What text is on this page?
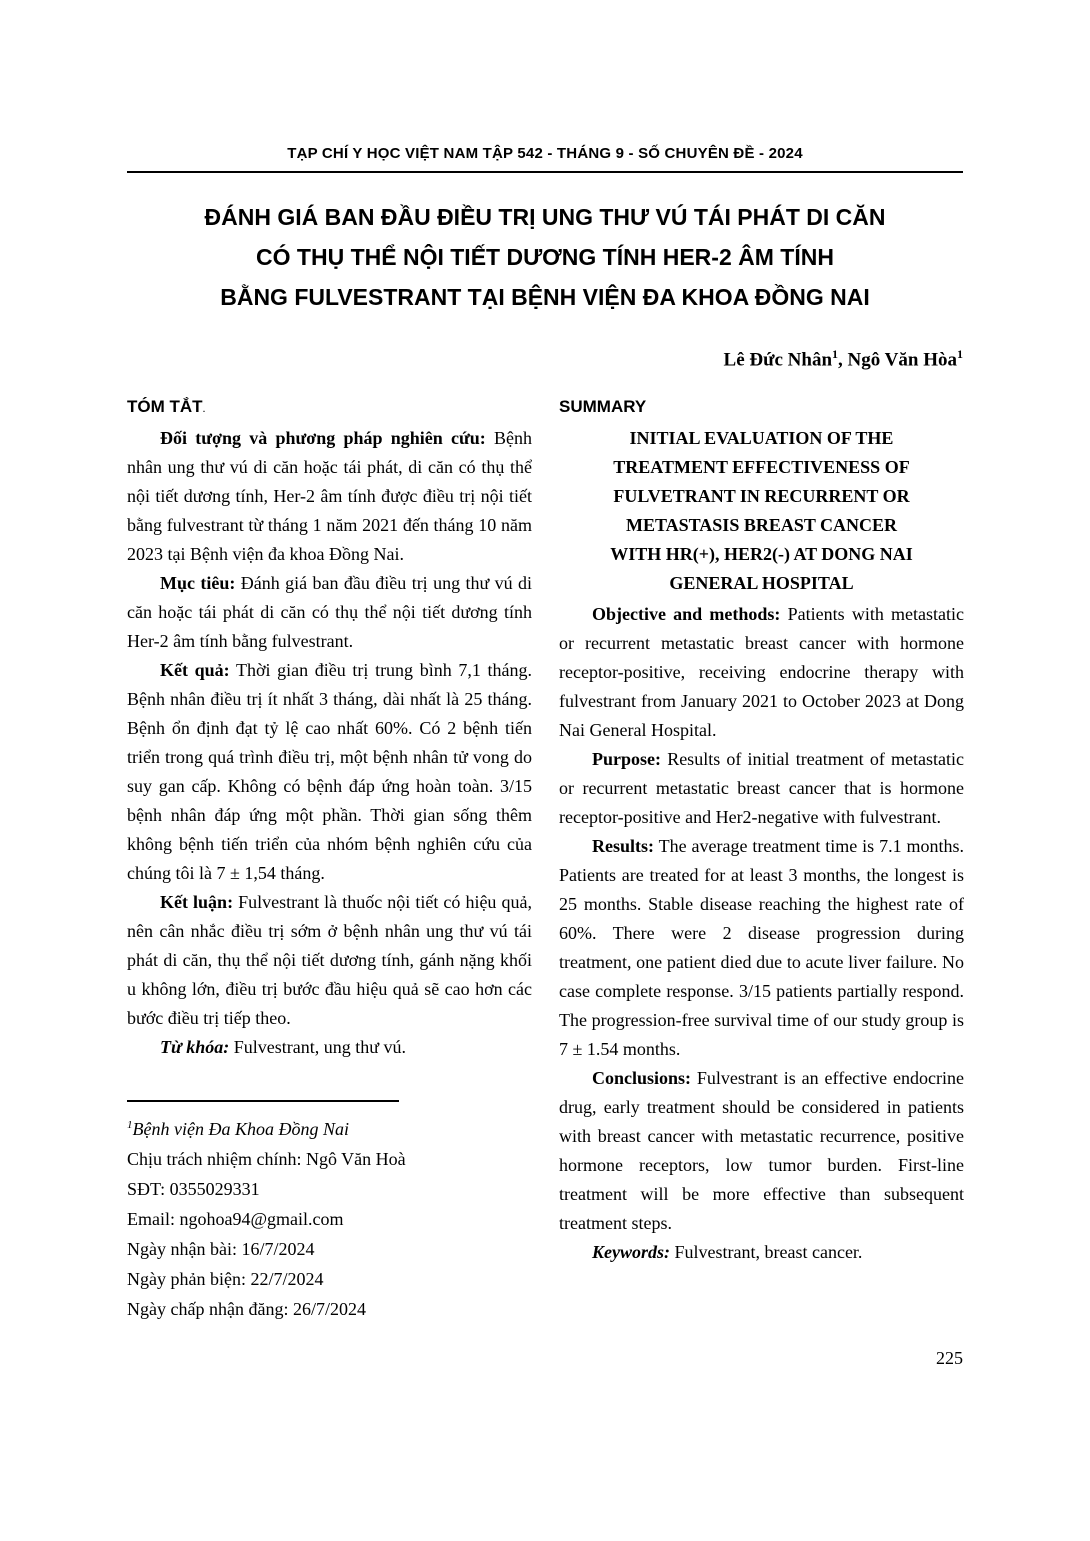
TẠP CHÍ Y HỌC VIỆT NAM TẬP 542 - THÁNG 9 - SỐ CHUYÊN ĐỀ - 2024
ĐÁNH GIÁ BAN ĐẦU ĐIỀU TRỊ UNG THƯ VÚ TÁI PHÁT DI CĂN
CÓ THỤ THỂ NỘI TIẾT DƯƠNG TÍNH HER-2 ÂM TÍNH
BẰNG FULVESTRANT TẠI BỆNH VIỆN ĐA KHOA ĐỒNG NAI
Lê Đức Nhân$^1$, Ngô Văn Hòa$^1$
TÓM TẮT.

Đối tượng và phương pháp nghiên cứu: Bệnh nhân ung thư vú di căn hoặc tái phát, di căn có thụ thể nội tiết dương tính, Her-2 âm tính được điều trị nội tiết bằng fulvestrant từ tháng 1 năm 2021 đến tháng 10 năm 2023 tại Bệnh viện đa khoa Đồng Nai.

Mục tiêu: Đánh giá ban đầu điều trị ung thư vú di căn hoặc tái phát di căn có thụ thể nội tiết dương tính Her-2 âm tính bằng fulvestrant.

Kết quả: Thời gian điều trị trung bình 7,1 tháng. Bệnh nhân điều trị ít nhất 3 tháng, dài nhất là 25 tháng. Bệnh ổn định đạt tỷ lệ cao nhất 60%. Có 2 bệnh tiến triển trong quá trình điều trị, một bệnh nhân tử vong do suy gan cấp. Không có bệnh đáp ứng hoàn toàn. 3/15 bệnh nhân đáp ứng một phần. Thời gian sống thêm không bệnh tiến triển của nhóm bệnh nghiên cứu của chúng tôi là 7 ± 1,54 tháng.

Kết luận: Fulvestrant là thuốc nội tiết có hiệu quả, nên cân nhắc điều trị sớm ở bệnh nhân ung thư vú tái phát di căn, thụ thể nội tiết dương tính, gánh nặng khối u không lớn, điều trị bước đầu hiệu quả sẽ cao hơn các bước điều trị tiếp theo.

Từ khóa: Fulvestrant, ung thư vú.

$^1$Bệnh viện Đa Khoa Đồng Nai
Chịu trách nhiệm chính: Ngô Văn Hoà
SĐT: 0355029331
Email: ngohoa94@gmail.com
Ngày nhận bài: 16/7/2024
Ngày phản biện: 22/7/2024
Ngày chấp nhận đăng: 26/7/2024
SUMMARY
INITIAL EVALUATION OF THE
TREATMENT EFFECTIVENESS OF
FULVETRANT IN RECURRENT OR
METASTASIS BREAST CANCER
WITH HR(+), HER2(-) AT DONG NAI
GENERAL HOSPITAL

Objective and methods: Patients with metastatic or recurrent metastatic breast cancer with hormone receptor-positive, receiving endocrine therapy with fulvestrant from January 2021 to October 2023 at Dong Nai General Hospital.

Purpose: Results of initial treatment of metastatic or recurrent metastatic breast cancer that is hormone receptor-positive and Her2-negative with fulvestrant.

Results: The average treatment time is 7.1 months. Patients are treated for at least 3 months, the longest is 25 months. Stable disease reaching the highest rate of 60%. There were 2 disease progression during treatment, one patient died due to acute liver failure. No case complete response. 3/15 patients partially respond. The progression-free survival time of our study group is 7 ± 1.54 months.

Conclusions: Fulvestrant is an effective endocrine drug, early treatment should be considered in patients with breast cancer with metastatic recurrence, positive hormone receptors, low tumor burden. First-line treatment will be more effective than subsequent treatment steps.

Keywords: Fulvestrant, breast cancer.

225
